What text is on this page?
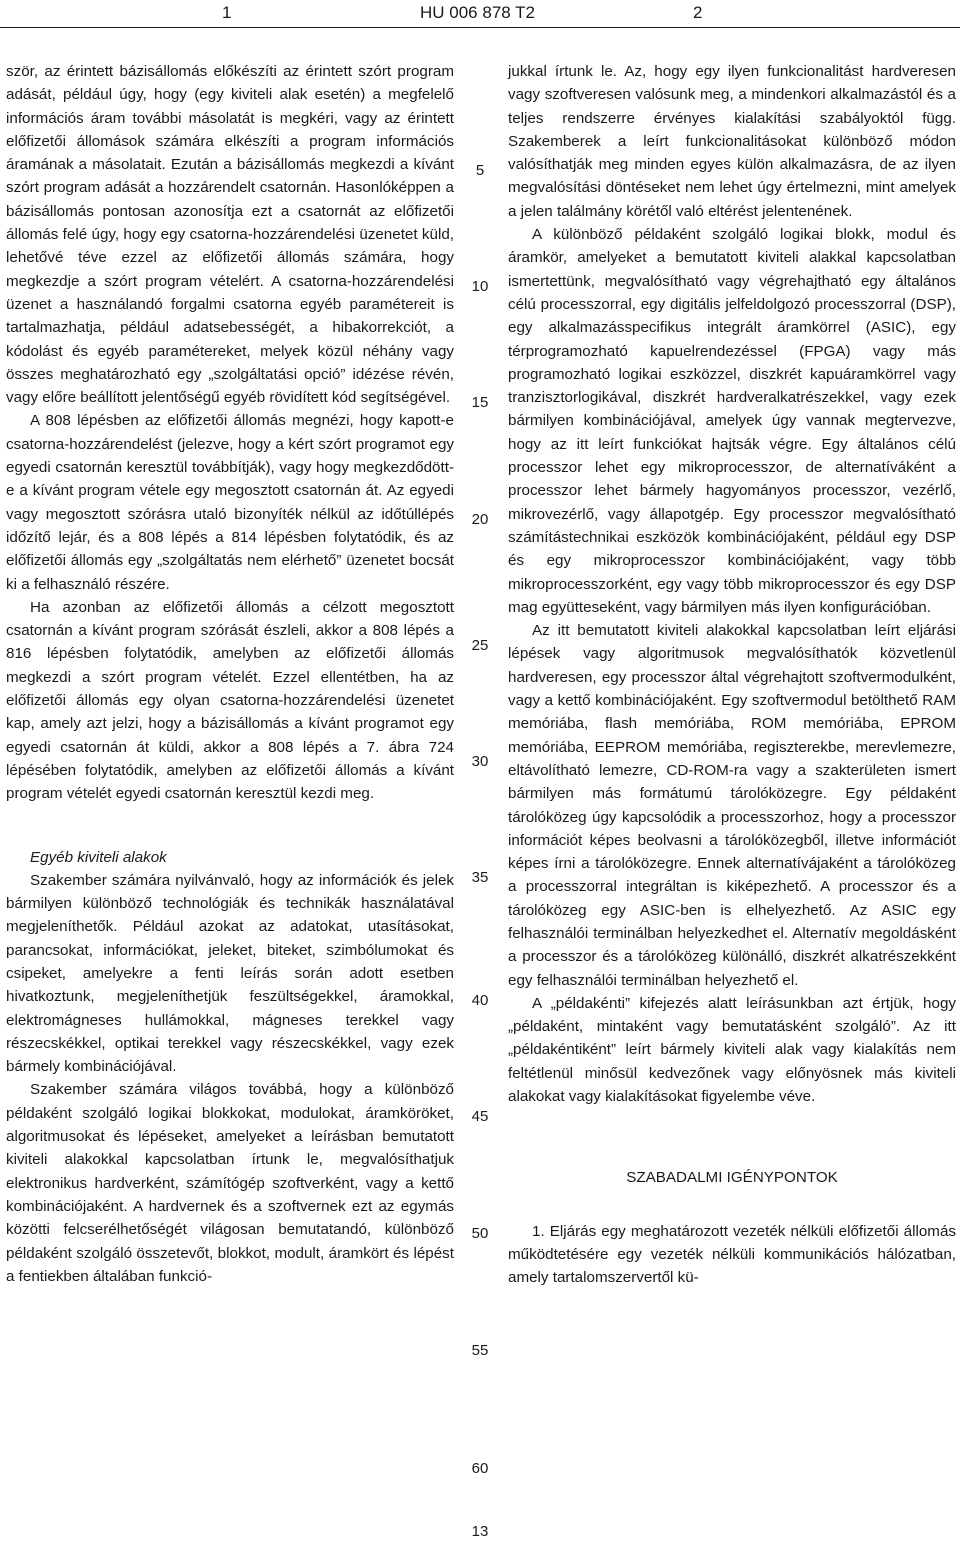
1	HU 006 878 T2	2

ször, az érintett bázisállomás előkészíti az érintett szórt program adását, például úgy, hogy (egy kiviteli alak esetén) a megfelelő információs áram további másolatát is megkéri, vagy az érintett előfizetői állomások számára elkészíti a program információs áramának a másolatait. Ezután a bázisállomás megkezdi a kívánt szórt program adását a hozzárendelt csatornán. Hasonlóképpen a bázisállomás pontosan azonosítja ezt a csatornát az előfizetői állomás felé úgy, hogy egy csatorna-hozzárendelési üzenetet küld, lehetővé téve ezzel az előfizetői állomás számára, hogy megkezdje a szórt program vételért. A csatorna-hozzárendelési üzenet a használandó forgalmi csatorna egyéb paramétereit is tartalmazhatja, például adatsebességét, a hibakorrekciót, a kódolást és egyéb paramétereket, melyek közül néhány vagy összes meghatározható egy „szolgáltatási opció” idézése révén, vagy előre beállított jelentőségű egyéb rövidített kód segítségével.

A 808 lépésben az előfizetői állomás megnézi, hogy kapott-e csatorna-hozzárendelést (jelezve, hogy a kért szórt programot egy egyedi csatornán keresztül továbbítják), vagy hogy megkezdődött-e a kívánt program vétele egy megosztott csatornán át. Az egyedi vagy megosztott szórásra utaló bizonyíték nélkül az időtúllépés időzítő lejár, és a 808 lépés a 814 lépésben folytatódik, és az előfizetői állomás egy „szolgáltatás nem elérhető” üzenetet bocsát ki a felhasználó részére.

Ha azonban az előfizetői állomás a célzott megosztott csatornán a kívánt program szórását észleli, akkor a 808 lépés a 816 lépésben folytatódik, amelyben az előfizetői állomás megkezdi a szórt program vételét. Ezzel ellentétben, ha az előfizetői állomás egy olyan csatorna-hozzárendelési üzenetet kap, amely azt jelzi, hogy a bázisállomás a kívánt programot egy egyedi csatornán át küldi, akkor a 808 lépés a 7. ábra 724 lépésében folytatódik, amelyben az előfizetői állomás a kívánt program vételét egyedi csatornán keresztül kezdi meg.

Egyéb kiviteli alakok

Szakember számára nyilvánvaló, hogy az információk és jelek bármilyen különböző technológiák és technikák használatával megjeleníthetők. Például azokat az adatokat, utasításokat, parancsokat, információkat, jeleket, biteket, szimbólumokat és csipeket, amelyekre a fenti leírás során adott esetben hivatkoztunk, megjeleníthetjük feszültségekkel, áramokkal, elektromágneses hullámokkal, mágneses terekkel vagy részecskékkel, optikai terekkel vagy részecskékkel, vagy ezek bármely kombinációjával.

Szakember számára világos továbbá, hogy a különböző példaként szolgáló logikai blokkokat, modulokat, áramköröket, algoritmusokat és lépéseket, amelyeket a leírásban bemutatott kiviteli alakokkal kapcsolatban írtunk le, megvalósíthatjuk elektronikus hardverként, számítógép szoftverként, vagy a kettő kombinációjaként. A hardvernek és a szoftvernek ezt az egymás közötti felcserélhetőségét világosan bemutatandó, különböző példaként szolgáló összetevőt, blokkot, modult, áramkört és lépést a fentiekben általában funkció-

jukkal írtunk le. Az, hogy egy ilyen funkcionalitást hardveresen vagy szoftveresen valósunk meg, a mindenkori alkalmazástól és a teljes rendszerre érvényes kialakítási szabályoktól függ. Szakemberek a leírt funkcionalitásokat különböző módon valósíthatják meg minden egyes külön alkalmazásra, de az ilyen megvalósítási döntéseket nem lehet úgy értelmezni, mint amelyek a jelen találmány körétől való eltérést jelentenének.

A különböző példaként szolgáló logikai blokk, modul és áramkör, amelyeket a bemutatott kiviteli alakkal kapcsolatban ismertettünk, megvalósítható vagy végrehajtható egy általános célú processzorral, egy digitális jelfeldolgozó processzorral (DSP), egy alkalmazásspecifikus integrált áramkörrel (ASIC), egy térprogramozható kapuelrendezéssel (FPGA) vagy más programozható logikai eszközzel, diszkrét kapuáramkörrel vagy tranzisztorlogikával, diszkrét hardveralkatrészekkel, vagy ezek bármilyen kombinációjával, amelyek úgy vannak megtervezve, hogy az itt leírt funkciókat hajtsák végre. Egy általános célú processzor lehet egy mikroprocesszor, de alternatíváként a processzor lehet bármely hagyományos processzor, vezérlő, mikrovezérlő, vagy állapotgép. Egy processzor megvalósítható számítástechnikai eszközök kombinációjaként, például egy DSP és egy mikroprocesszor kombinációjaként, vagy több mikroprocesszorként, egy vagy több mikroprocesszor és egy DSP mag együtteseként, vagy bármilyen más ilyen konfigurációban.

Az itt bemutatott kiviteli alakokkal kapcsolatban leírt eljárási lépések vagy algoritmusok megvalósíthatók közvetlenül hardveresen, egy processzor által végrehajtott szoftvermodulként, vagy a kettő kombinációjaként. Egy szoftvermodul betölthető RAM memóriába, flash memóriába, ROM memóriába, EPROM memóriába, EEPROM memóriába, regiszterekbe, merevlemezre, eltávolítható lemezre, CD-ROM-ra vagy a szakterületen ismert bármilyen más formátumú tárolóközegre. Egy példaként tárolóközeg úgy kapcsolódik a processzorhoz, hogy a processzor információt képes beolvasni a tárolóközegből, illetve információt képes írni a tárolóközegre. Ennek alternatívájaként a tárolóközeg a processzorral integráltan is kiképezhető. A processzor és a tárolóközeg egy ASIC-ben is elhelyezhető. Az ASIC egy felhasználói terminálban helyezkedhet el. Alternatív megoldásként a processzor és a tárolóközeg különálló, diszkrét alkatrészekként egy felhasználói terminálban helyezhető el.

A „példakénti” kifejezés alatt leírásunkban azt értjük, hogy „példaként, mintaként vagy bemutatásként szolgáló”. Az itt „példakéntiként” leírt bármely kiviteli alak vagy kialakítás nem feltétlenül minősül kedvezőnek vagy előnyösnek más kiviteli alakokat vagy kialakításokat figyelembe véve.

SZABADALMI IGÉNYPONTOK

1. Eljárás egy meghatározott vezeték nélküli előfizetői állomás működtetésére egy vezeték nélküli kommunikációs hálózatban, amely tartalomszervertől kü-

5
10
15
20
25
30
35
40
45
50
55
60
13
